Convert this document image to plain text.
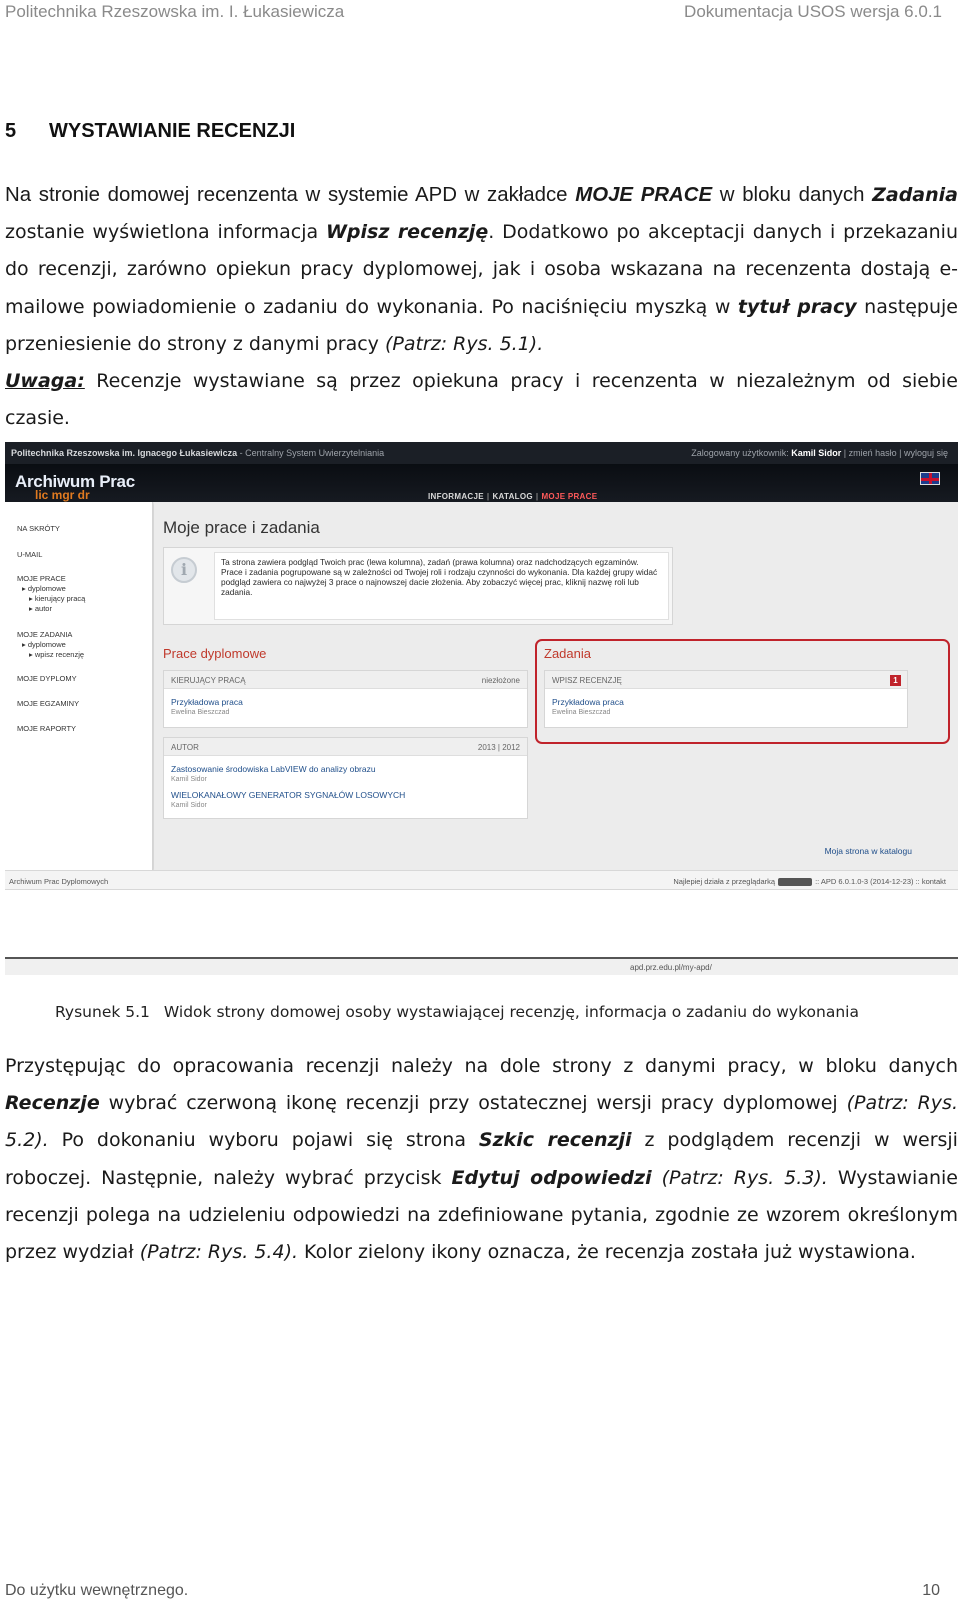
Politechnika Rzeszowska im. I. Łukasiewicza	Dokumentacja USOS wersja 6.0.1
5 WYSTAWIANIE RECENZJI
Na stronie domowej recenzenta w systemie APD w zakładce MOJE PRACE w bloku danych Zadania zostanie wyświetlona informacja Wpisz recenzję. Dodatkowo po akceptacji danych i przekazaniu do recenzji, zarówno opiekun pracy dyplomowej, jak i osoba wskazana na recenzenta dostają e-mailowe powiadomienie o zadaniu do wykonania. Po naciśnięciu myszką w tytuł pracy następuje przeniesienie do strony z danymi pracy (Patrz: Rys. 5.1).
Uwaga: Recenzje wystawiane są przez opiekuna pracy i recenzenta w niezależnym od siebie czasie.
Politechnika Rzeszowska im. Ignacego Łukasiewicza - Centralny System Uwierzytelniania	Zalogowany użytkownik: Kamil Sidor | zmień hasło | wyloguj się
Archiwum Prac
lic mgr dr	INFORMACJE | KATALOG | MOJE PRACE
NA SKRÓTY
U-MAIL
MOJE PRACE
▸ dyplomowe
▸ kierujący pracą
▸ autor
MOJE ZADANIA
▸ dyplomowe
▸ wpisz recenzję
MOJE DYPLOMY
MOJE EGZAMINY
MOJE RAPORTY
Moje prace i zadania
i	Ta strona zawiera podgląd Twoich prac (lewa kolumna), zadań (prawa kolumna) oraz nadchodzących egzaminów. Prace i zadania pogrupowane są w zależności od Twojej roli i rodzaju czynności do wykonania. Dla każdej grupy widać podgląd zawiera co najwyżej 3 prace o najnowszej dacie złożenia. Aby zobaczyć więcej prac, kliknij nazwę roli lub zadania.
Prace dyplomowe
KIERUJĄCY PRACĄ	niezłożone
Przykładowa praca
Ewelina Bieszczad
AUTOR	2013 | 2012
Zastosowanie środowiska LabVIEW do analizy obrazu
Kamil Sidor
WIELOKANAŁOWY GENERATOR SYGNAŁÓW LOSOWYCH
Kamil Sidor
Zadania
WPISZ RECENZJĘ	1
Przykładowa praca
Ewelina Bieszczad
Moja strona w katalogu
Archiwum Prac Dyplomowych	Najlepiej działa z przeglądarką	:: APD 6.0.1.0-3 (2014-12-23) :: kontakt
apd.prz.edu.pl/my-apd/
Rysunek 5.1 Widok strony domowej osoby wystawiającej recenzję, informacja o zadaniu do wykonania
Przystępując do opracowania recenzji należy na dole strony z danymi pracy, w bloku danych Recenzje wybrać czerwoną ikonę recenzji przy ostatecznej wersji pracy dyplomowej (Patrz: Rys. 5.2). Po dokonaniu wyboru pojawi się strona Szkic recenzji z podglądem recenzji w wersji roboczej. Następnie, należy wybrać przycisk Edytuj odpowiedzi (Patrz: Rys. 5.3). Wystawianie recenzji polega na udzieleniu odpowiedzi na zdefiniowane pytania, zgodnie ze wzorem określonym przez wydział (Patrz: Rys. 5.4). Kolor zielony ikony oznacza, że recenzja została już wystawiona.
Do użytku wewnętrznego.	10
